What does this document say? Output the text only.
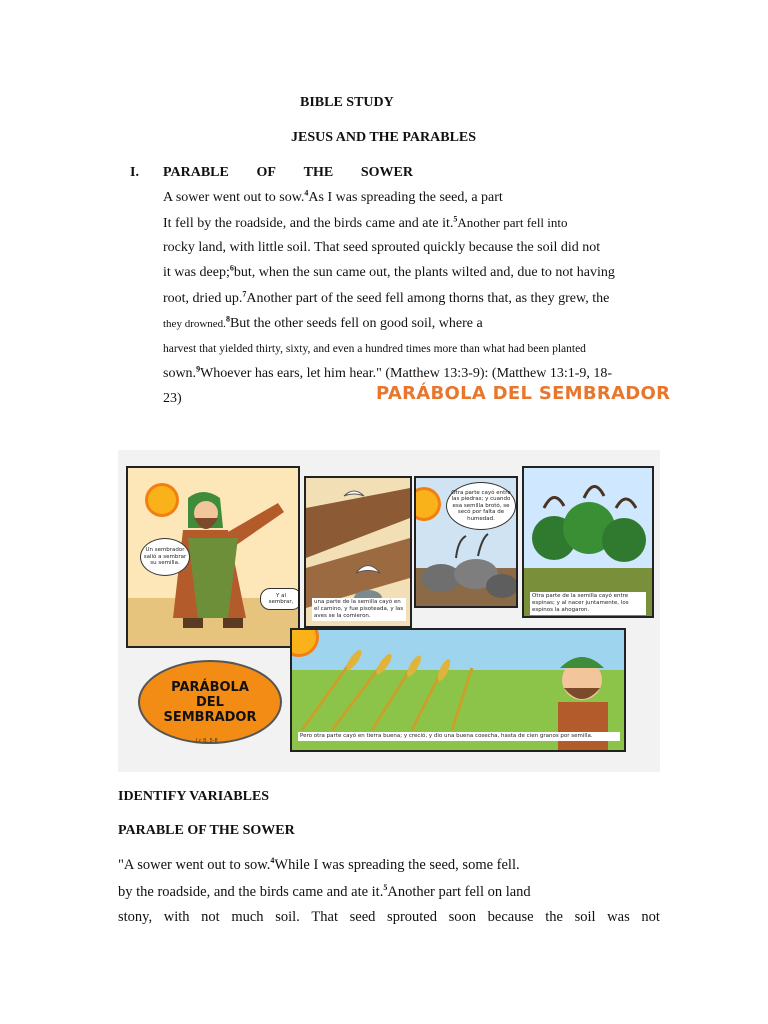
BIBLE STUDY
JESUS AND THE PARABLES
I. PARABLE OF THE SOWER
A sower went out to sow.$^4$As I was spreading the seed, a part
It fell by the roadside, and the birds came and ate it.$^5$Another part fell into
rocky land, with little soil. That seed sprouted quickly because the soil did not
it was deep;$^6$but, when the sun came out, the plants wilted and, due to not having
root, dried up.$^7$Another part of the seed fell among thorns that, as they grew, the
they drowned.$^8$But the other seeds fell on good soil, where a
harvest that yielded thirty, sixty, and even a hundred times more than what had been planted
sown.$^9$Whoever has ears, let him hear." (Matthew 13:3-9): (Matthew 13:1-9, 18-
23)	PARÁBOLA DEL SEMBRADOR
Un sembrador salió a sembrar su semilla.
Y al sembrar,	una parte de la semilla cayó en el camino, y fue pisoteada, y las aves se la comieron.
Otra parte cayó entre las piedras; y cuando esa semilla brotó, se secó por falta de humedad.
Otra parte de la semilla cayó entre espinas; y al nacer juntamente, los espinos la ahogaron.
Pero otra parte cayó en tierra buena; y creció, y dio una buena cosecha, hasta de cien granos por semilla.
PARÁBOLA
DEL
SEMBRADOR
Lc 8, 5-8
IDENTIFY VARIABLES
PARABLE OF THE SOWER
"A sower went out to sow.$^4$While I was spreading the seed, some fell.
by the roadside, and the birds came and ate it.$^5$Another part fell on land
stony, with not much soil. That seed sprouted soon because the soil was not
